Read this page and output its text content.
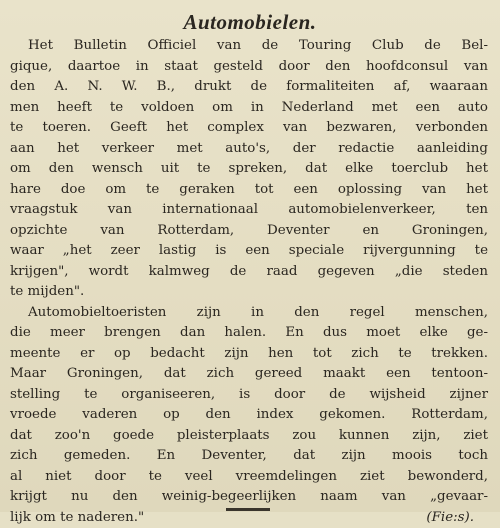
Automobielen.
Het Bulletin Officiel van de Touring Club de Bel-
gique, daartoe in staat gesteld door den hoofdconsul van
den A. N. W. B., drukt de formaliteiten af, waaraan
men heeft te voldoen om in Nederland met een auto
te toeren. Geeft het complex van bezwaren, verbonden
aan het verkeer met auto's, der redactie aanleiding
om den wensch uit te spreken, dat elke toerclub het
hare doe om te geraken tot een oplossing van het
vraagstuk van internationaal automobielenverkeer, ten
opzichte van Rotterdam, Deventer en Groningen,
waar „het zeer lastig is een speciale rijvergunning te
krijgen", wordt kalmweg de raad gegeven „die steden
te mijden".
Automobieltoeristen zijn in den regel menschen,
die meer brengen dan halen. En dus moet elke ge-
meente er op bedacht zijn hen tot zich te trekken.
Maar Groningen, dat zich gereed maakt een tentoon-
stelling te organiseeren, is door de wijsheid zijner
vroede vaderen op den index gekomen. Rotterdam,
dat zoo'n goede pleisterplaats zou kunnen zijn, ziet
zich gemeden. En Deventer, dat zijn moois toch
al niet door te veel vreemdelingen ziet bewonderd,
krijgt nu den weinig-begeerlijken naam van „gevaar-
lijk om te naderen."	(Fie:s).
